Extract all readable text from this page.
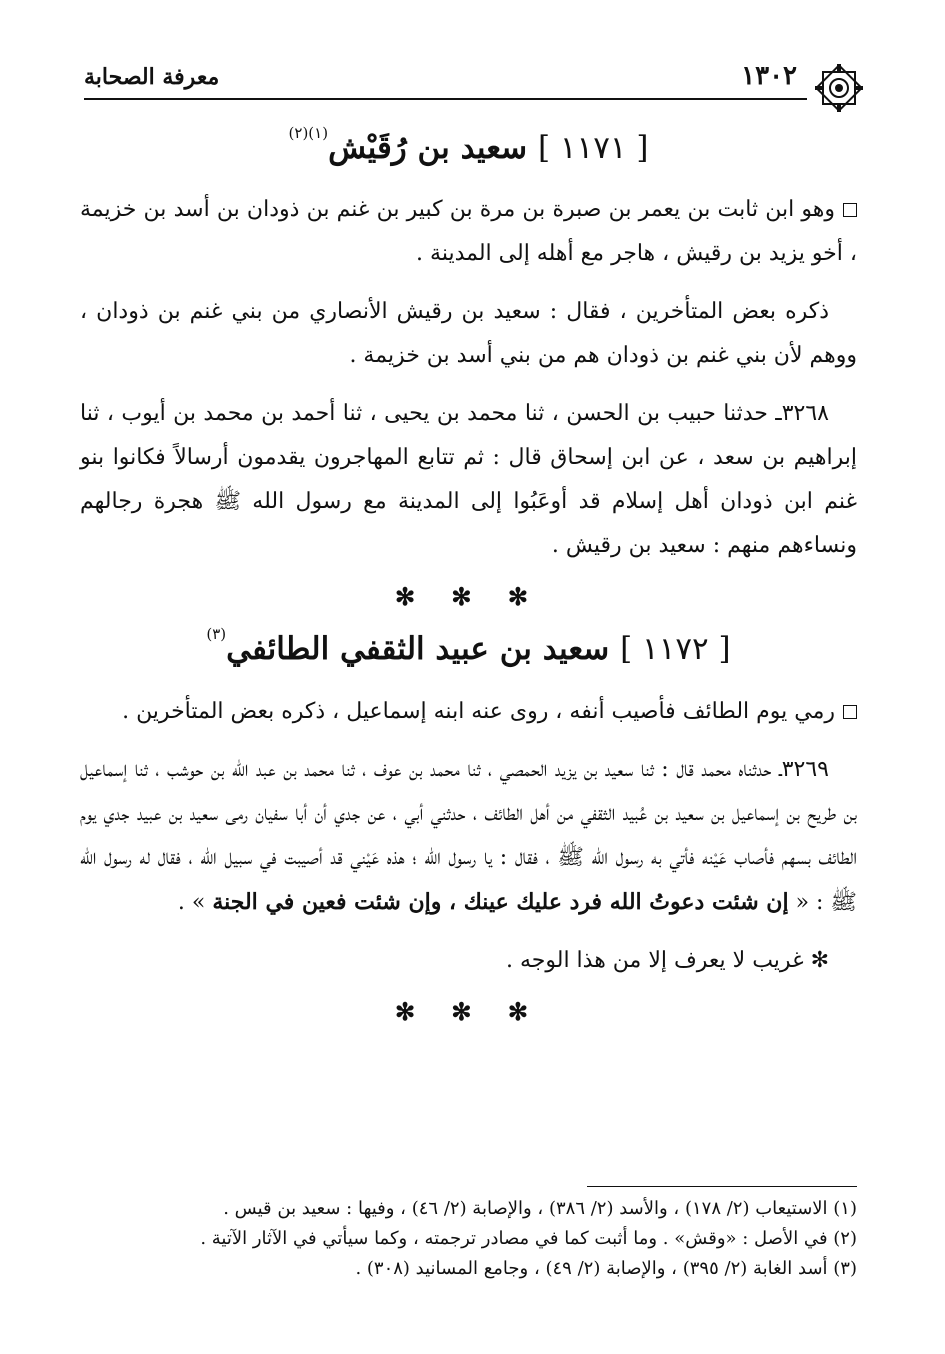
١٣٠٢
معرفة الصحابة
[ ١١٧١ ] سعيد بن رُقَيْش$^{(١)(٢)}$

وهو ابن ثابت بن يعمر بن صبرة بن مرة بن كبير بن غنم بن ذودان بن أسد بن خزيمة ، أخو يزيد بن رقيش ، هاجر مع أهله إلى المدينة .

ذكره بعض المتأخرين ، فقال : سعيد بن رقيش الأنصاري من بني غنم بن ذودان ، ووهم لأن بني غنم بن ذودان هم من بني أسد بن خزيمة .

٣٢٦٨ـ حدثنا حبيب بن الحسن ، ثنا محمد بن يحيى ، ثنا أحمد بن محمد بن أيوب ، ثنا إبراهيم بن سعد ، عن ابن إسحاق قال : ثم تتابع المهاجرون يقدمون أرسالاً فكانوا بنو غنم ابن ذودان أهل إسلام قد أوعَبُوا إلى المدينة مع رسول الله ﷺ هجرة رجالهم ونساءهم منهم : سعيد بن رقيش .

✻ ✻ ✻
[ ١١٧٢ ] سعيد بن عبيد الثقفي الطائفي$^{(٣)}$

رمي يوم الطائف فأصيب أنفه ، روى عنه ابنه إسماعيل ، ذكره بعض المتأخرين .

٣٢٦٩ـ حدثناه محمد قال : ثنا سعيد بن يزيد الحمصي ، ثنا محمد بن عوف ، ثنا محمد بن عبد الله بن حوشب ، ثنا إسماعيل بن طريح بن إسماعيل بن سعيد بن عُبيد الثقفي من أهل الطائف ، حدثني أبي ، عن جدي أن أبا سفيان رمى سعيد بن عبيد جدي يوم الطائف بسهم فأصاب عَيْنه فأتي به رسول الله ﷺ ، فقال : يا رسول الله ؛ هذه عَيْني قد أصيبت في سبيل الله ، فقال له رسول الله ﷺ : « إن شئت دعوتُ الله فرد عليك عينك ، وإن شئت فعين في الجنة » .

✻ غريب لا يعرف إلا من هذا الوجه .

✻ ✻ ✻

(١) الاستيعاب (٢/ ١٧٨) ، والأسد (٢/ ٣٨٦) ، والإصابة (٢/ ٤٦) ، وفيها : سعيد بن قيس .

(٢) في الأصل : «وقش» . وما أثبت كما في مصادر ترجمته ، وكما سيأتي في الآثار الآتية .

(٣) أسد الغابة (٢/ ٣٩٥) ، والإصابة (٢/ ٤٩) ، وجامع المسانيد (٣٠٨) .
